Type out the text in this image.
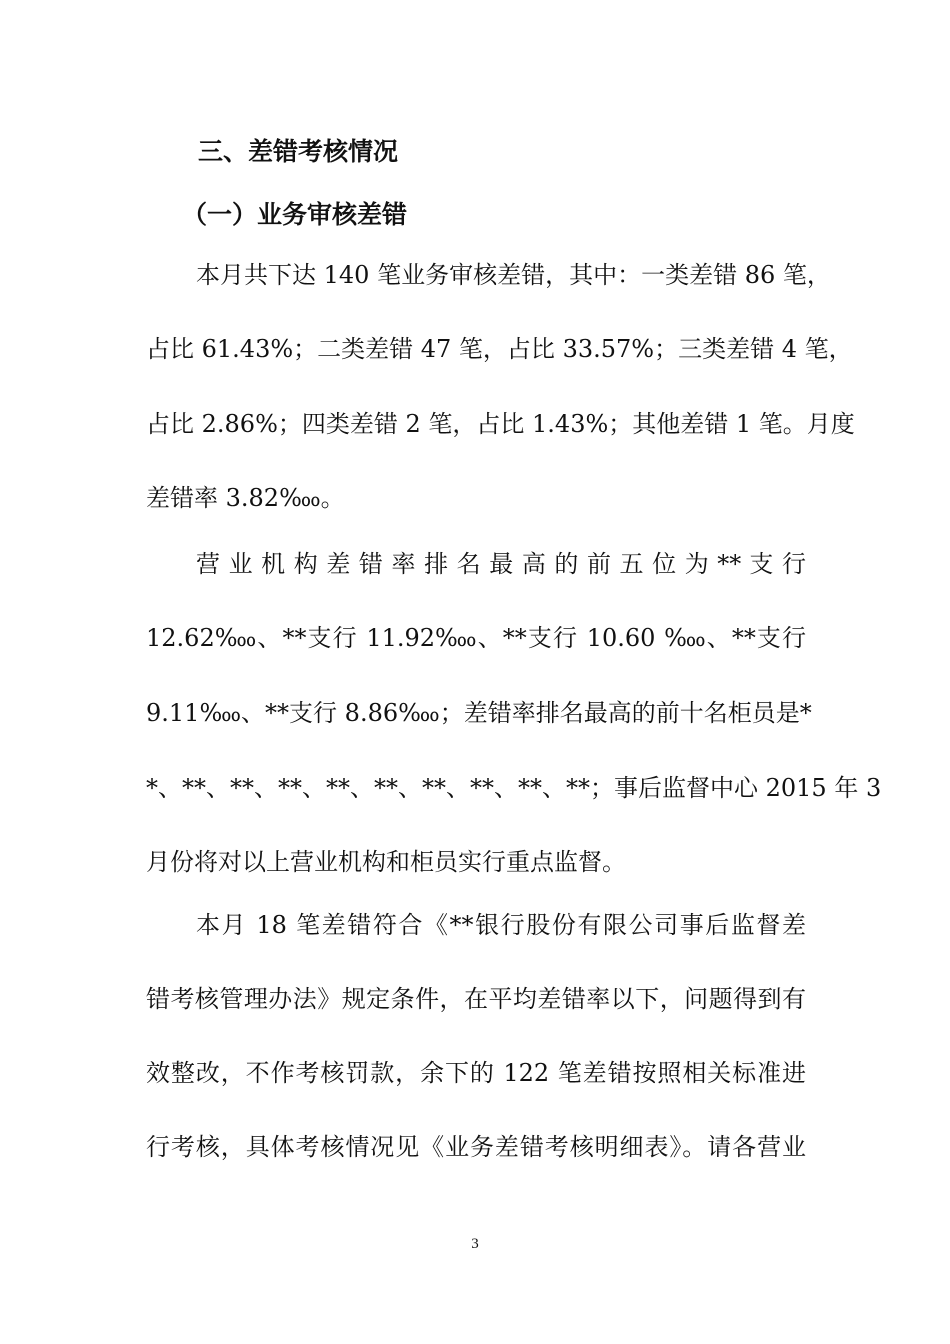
三、差错考核情况
（一）业务审核差错

本月共下达 140 笔业务审核差错，其中：一类差错 86 笔，

占比 61.43%；二类差错 47 笔，占比 33.57%；三类差错 4 笔，

占比 2.86%；四类差错 2 笔，占比 1.43%；其他差错 1 笔。月度

差错率 3.82‱。

营 业 机 构 差 错 率 排 名 最 高 的 前 五 位 为 ** 支 行

12.62‱、**支行 11.92‱、**支行 10.60 ‱、**支行

9.11‱、**支行 8.86‱；差错率排名最高的前十名柜员是*

*、**、**、**、**、**、**、**、**、**；事后监督中心 2015 年 3

月份将对以上营业机构和柜员实行重点监督。

本月 18 笔差错符合《**银行股份有限公司事后监督差

错考核管理办法》规定条件，在平均差错率以下，问题得到有

效整改，不作考核罚款，余下的 122 笔差错按照相关标准进

行考核，具体考核情况见《业务差错考核明细表》。请各营业

3
